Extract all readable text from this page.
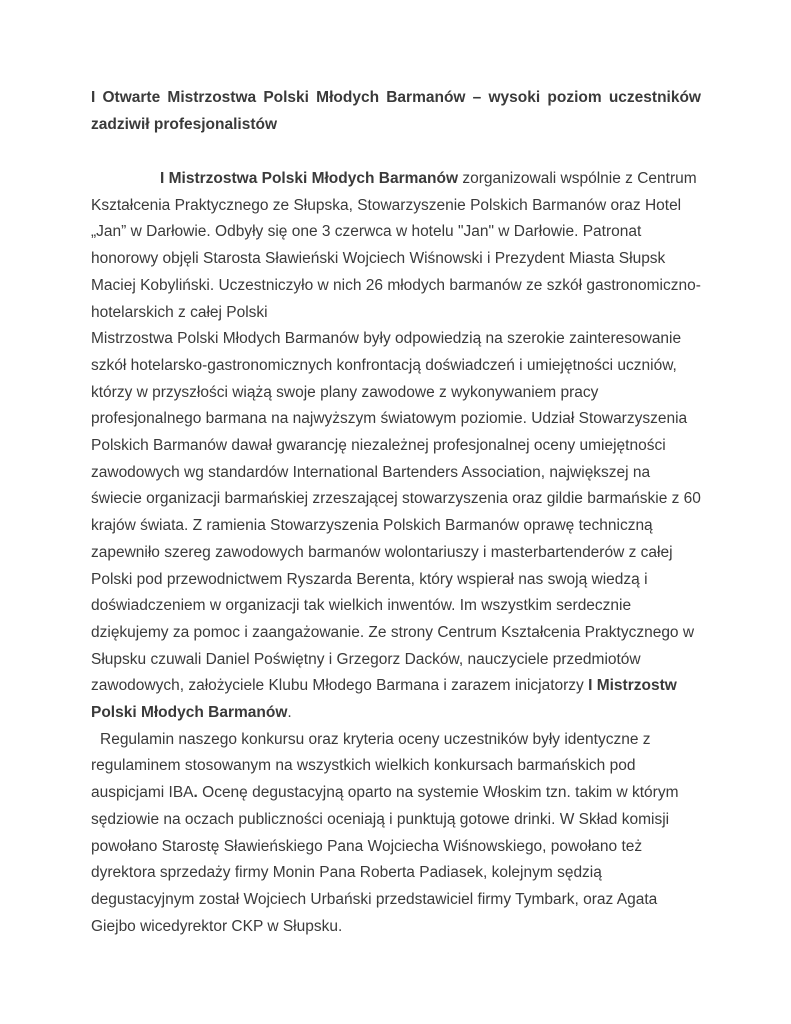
I Otwarte Mistrzostwa Polski Młodych Barmanów – wysoki poziom uczestników zadziwił profesjonalistów

I Mistrzostwa Polski Młodych Barmanów zorganizowali wspólnie z Centrum Kształcenia Praktycznego ze Słupska, Stowarzyszenie Polskich Barmanów oraz Hotel „Jan” w Darłowie. Odbyły się one 3 czerwca w hotelu "Jan" w Darłowie. Patronat honorowy objęli Starosta Sławieński Wojciech Wiśnowski i Prezydent Miasta Słupsk Maciej Kobyliński. Uczestniczyło w nich 26 młodych barmanów ze szkół gastronomiczno-hotelarskich z całej Polski

Mistrzostwa Polski Młodych Barmanów były odpowiedzią na szerokie zainteresowanie szkół hotelarsko-gastronomicznych konfrontacją doświadczeń i umiejętności uczniów, którzy w przyszłości wiążą swoje plany zawodowe z wykonywaniem pracy profesjonalnego barmana na najwyższym światowym poziomie. Udział Stowarzyszenia Polskich Barmanów dawał gwarancję niezależnej profesjonalnej oceny umiejętności zawodowych wg standardów International Bartenders Association, największej na świecie organizacji barmańskiej zrzeszającej stowarzyszenia oraz gildie barmańskie z 60 krajów świata. Z ramienia Stowarzyszenia Polskich Barmanów oprawę techniczną zapewniło szereg zawodowych barmanów wolontariuszy i masterbartenderów z całej Polski pod przewodnictwem Ryszarda Berenta, który wspierał nas swoją wiedzą i doświadczeniem w organizacji tak wielkich inwentów. Im wszystkim serdecznie dziękujemy za pomoc i zaangażowanie. Ze strony Centrum Kształcenia Praktycznego w Słupsku czuwali Daniel Poświętny i Grzegorz Dacków, nauczyciele przedmiotów zawodowych, założyciele Klubu Młodego Barmana i zarazem inicjatorzy I Mistrzostw Polski Młodych Barmanów.

Regulamin naszego konkursu oraz kryteria oceny uczestników były identyczne z regulaminem stosowanym na wszystkich wielkich konkursach barmańskich pod auspicjami IBA. Ocenę degustacyjną oparto na systemie Włoskim tzn. takim w którym sędziowie na oczach publiczności oceniają i punktują gotowe drinki. W Skład komisji powołano Starostę Sławieńskiego Pana Wojciecha Wiśnowskiego, powołano też dyrektora sprzedaży firmy Monin Pana Roberta Padiasek, kolejnym sędzią degustacyjnym został Wojciech Urbański przedstawiciel firmy Tymbark, oraz Agata Giejbo wicedyrektor CKP w Słupsku.
